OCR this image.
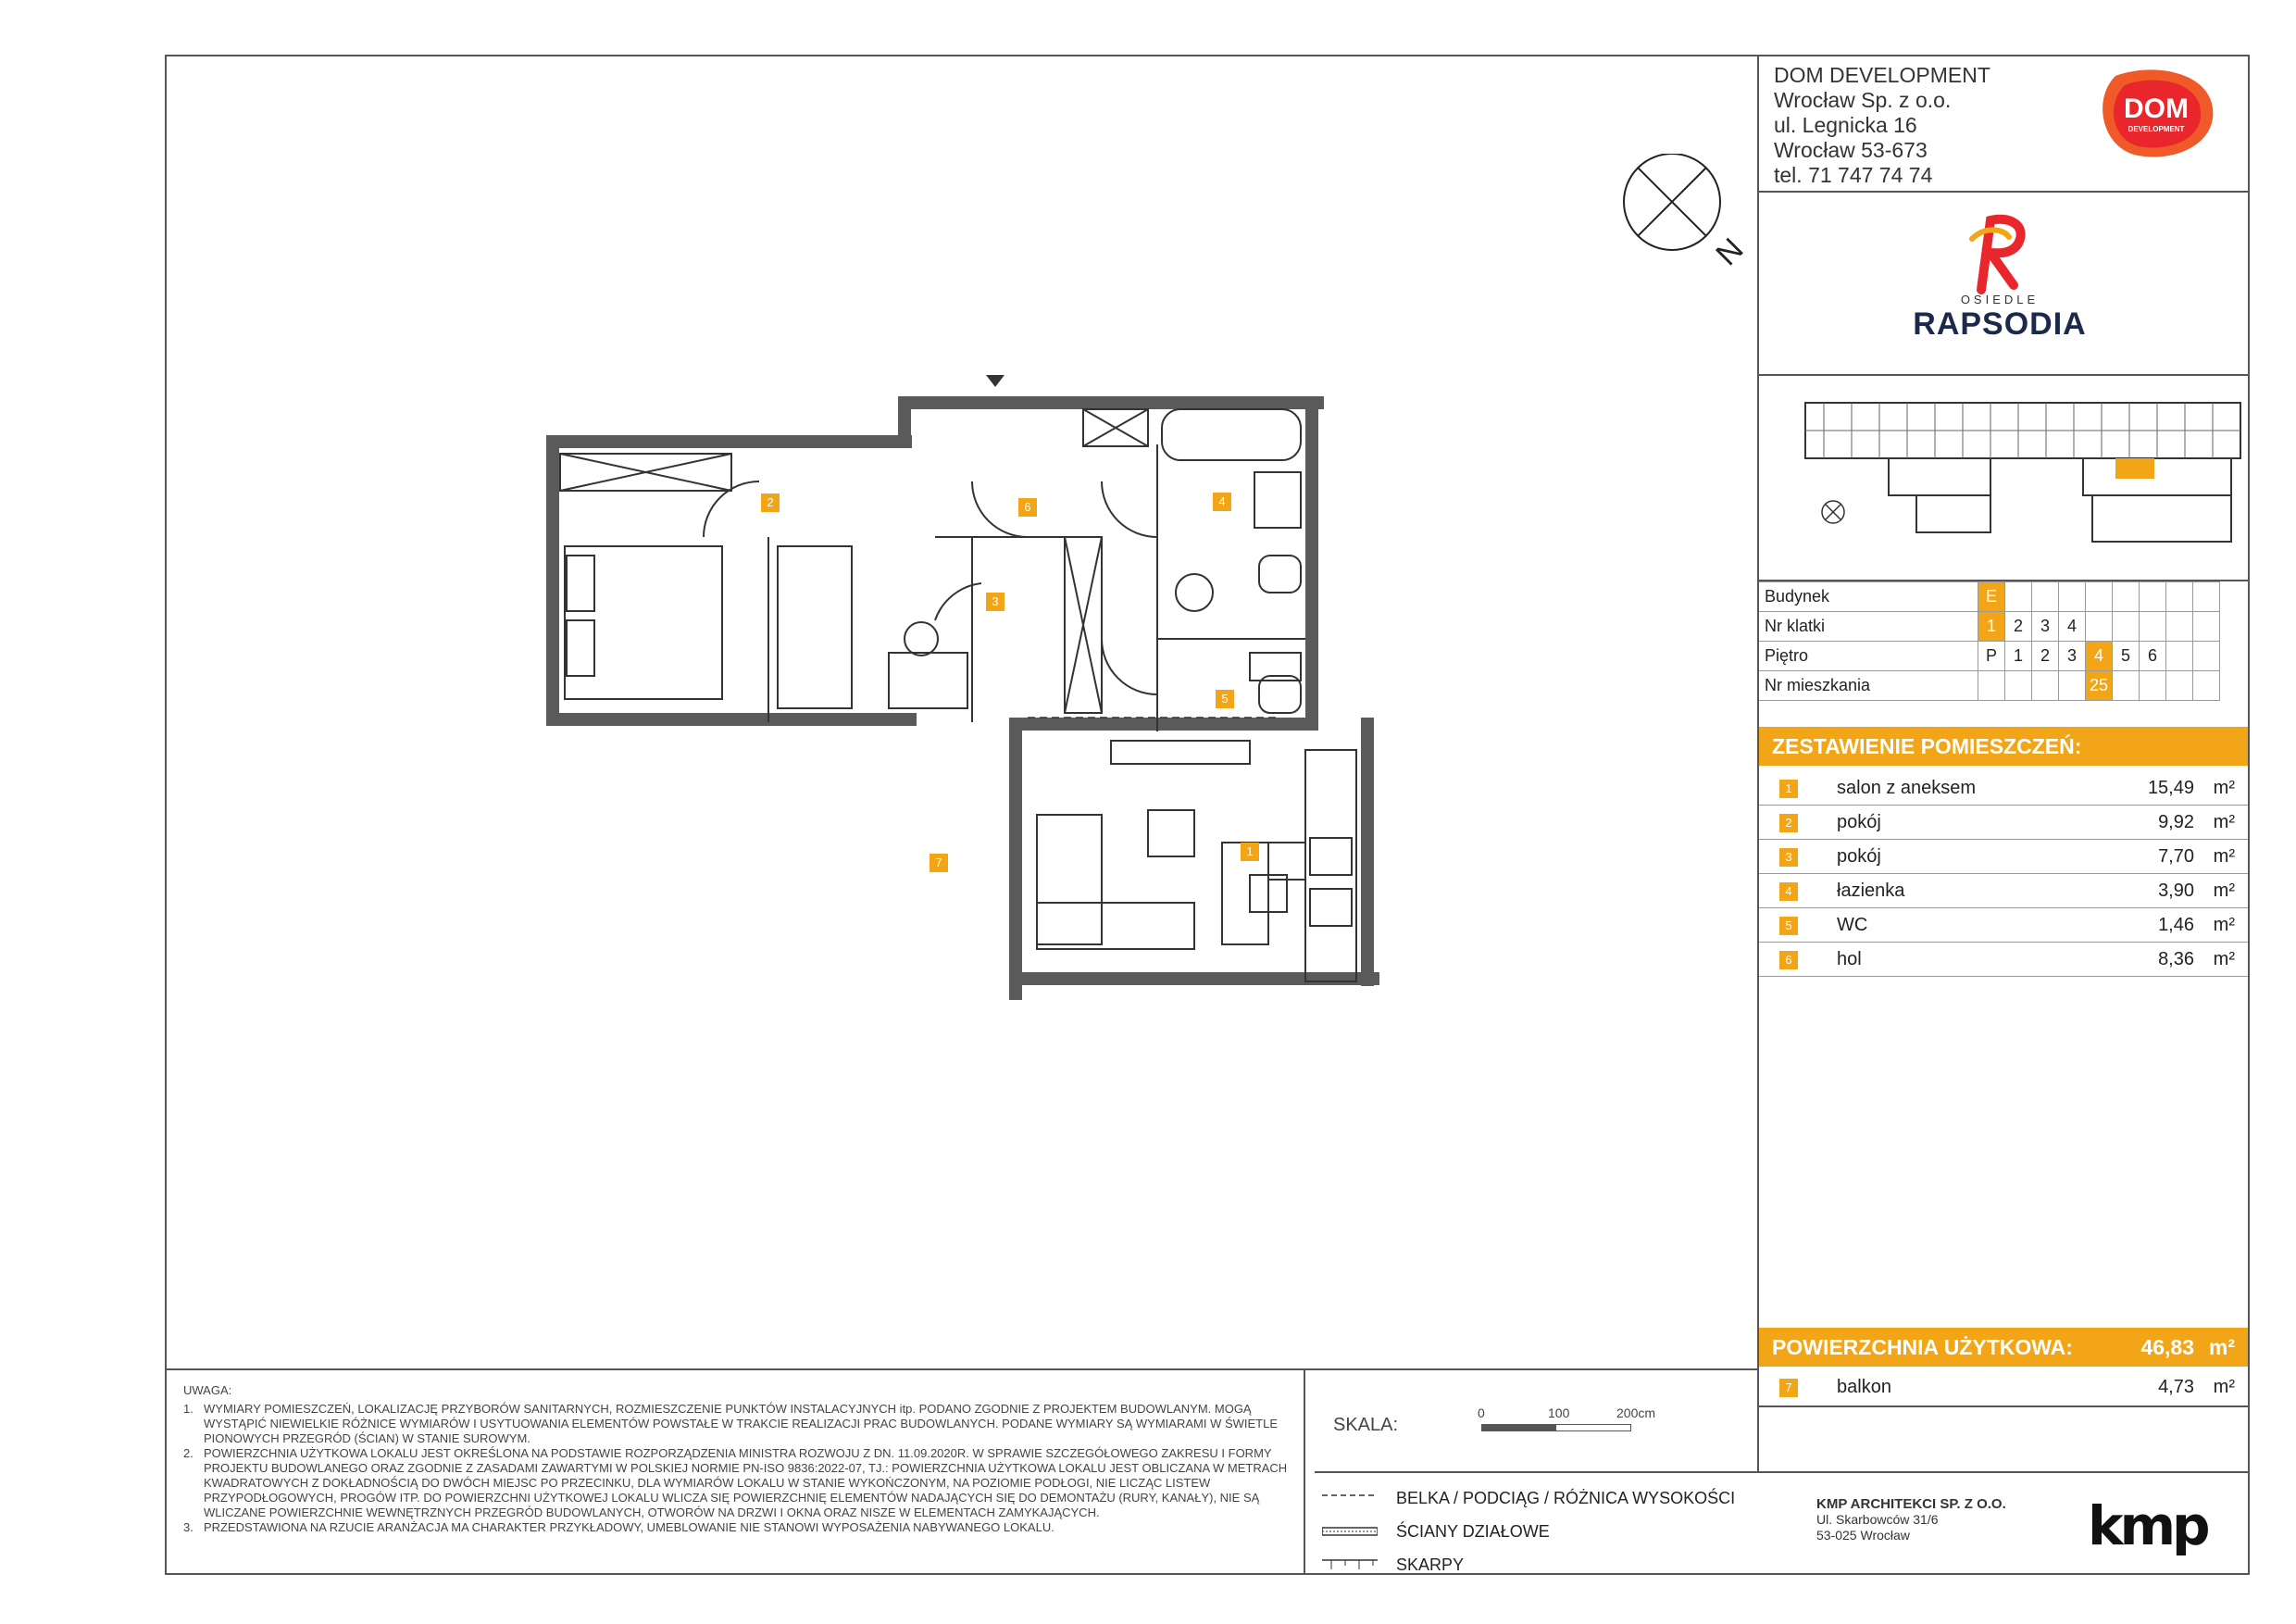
DOM DEVELOPMENT
Wrocław Sp. z o.o.
ul. Legnicka 16
Wrocław 53-673
tel. 71 747 74 74
DOM
DEVELOPMENT
OSIEDLE
RAPSODIA
N
Budynek	E								
Nr klatki	1	2	3	4					
Piętro	P	1	2	3	4	5	6		
Nr mieszkania					25				
ZESTAWIENIE POMIESZCZEŃ:
1	salon z aneksem	15,49 m²
2	pokój	9,92 m²
3	pokój	7,70 m²
4	łazienka	3,90 m²
5	WC	1,46 m²
6	hol	8,36 m²
POWIERZCHNIA UŻYTKOWA:	46,83 m²
7	balkon	4,73 m²
UWAGA:
1. WYMIARY POMIESZCZEŃ, LOKALIZACJĘ PRZYBORÓW SANITARNYCH, ROZMIESZCZENIE PUNKTÓW INSTALACYJNYCH itp. PODANO ZGODNIE Z PROJEKTEM BUDOWLANYM. MOGĄ WYSTĄPIĆ NIEWIELKIE RÓŻNICE WYMIARÓW I USYTUOWANIA ELEMENTÓW POWSTAŁE W TRAKCIE REALIZACJI PRAC BUDOWLANYCH. PODANE WYMIARY SĄ WYMIARAMI W ŚWIETLE PIONOWYCH PRZEGRÓD (ŚCIAN) W STANIE SUROWYM.
2. POWIERZCHNIA UŻYTKOWA LOKALU JEST OKREŚLONA NA PODSTAWIE ROZPORZĄDZENIA MINISTRA ROZWOJU Z DN. 11.09.2020R. W SPRAWIE SZCZEGÓŁOWEGO ZAKRESU I FORMY PROJEKTU BUDOWLANEGO ORAZ ZGODNIE Z ZASADAMI ZAWARTYMI W POLSKIEJ NORMIE PN-ISO 9836:2022-07, TJ.: POWIERZCHNIA UŻYTKOWA LOKALU JEST OBLICZANA W METRACH KWADRATOWYCH Z DOKŁADNOŚCIĄ DO DWÓCH MIEJSC PO PRZECINKU, DLA WYMIARÓW LOKALU W STANIE WYKOŃCZONYM, NA POZIOMIE PODŁOGI, NIE LICZĄC LISTEW PRZYPODŁOGOWYCH, PROGÓW ITP. DO POWIERZCHNI UŻYTKOWEJ LOKALU WLICZA SIĘ POWIERZCHNIĘ ELEMENTÓW NADAJĄCYCH SIĘ DO DEMONTAŻU (RURY, KANAŁY), NIE SĄ WLICZANE POWIERZCHNIE WEWNĘTRZNYCH PRZEGRÓD BUDOWLANYCH, OTWORÓW NA DRZWI I OKNA ORAZ NISZE W ELEMENTACH ZAMYKAJĄCYCH.
3. PRZEDSTAWIONA NA RZUCIE ARANŻACJA MA CHARAKTER PRZYKŁADOWY, UMEBLOWANIE NIE STANOWI WYPOSAŻENIA NABYWANEGO LOKALU.
SKALA:
0	100	200cm
BELKA / PODCIĄG / RÓŻNICA WYSOKOŚCI
ŚCIANY DZIAŁOWE
SKARPY
KMP ARCHITEKCI SP. Z O.O.
Ul. Skarbowców 31/6
53-025 Wrocław	kmp
2	6	4
3
5
1
7
